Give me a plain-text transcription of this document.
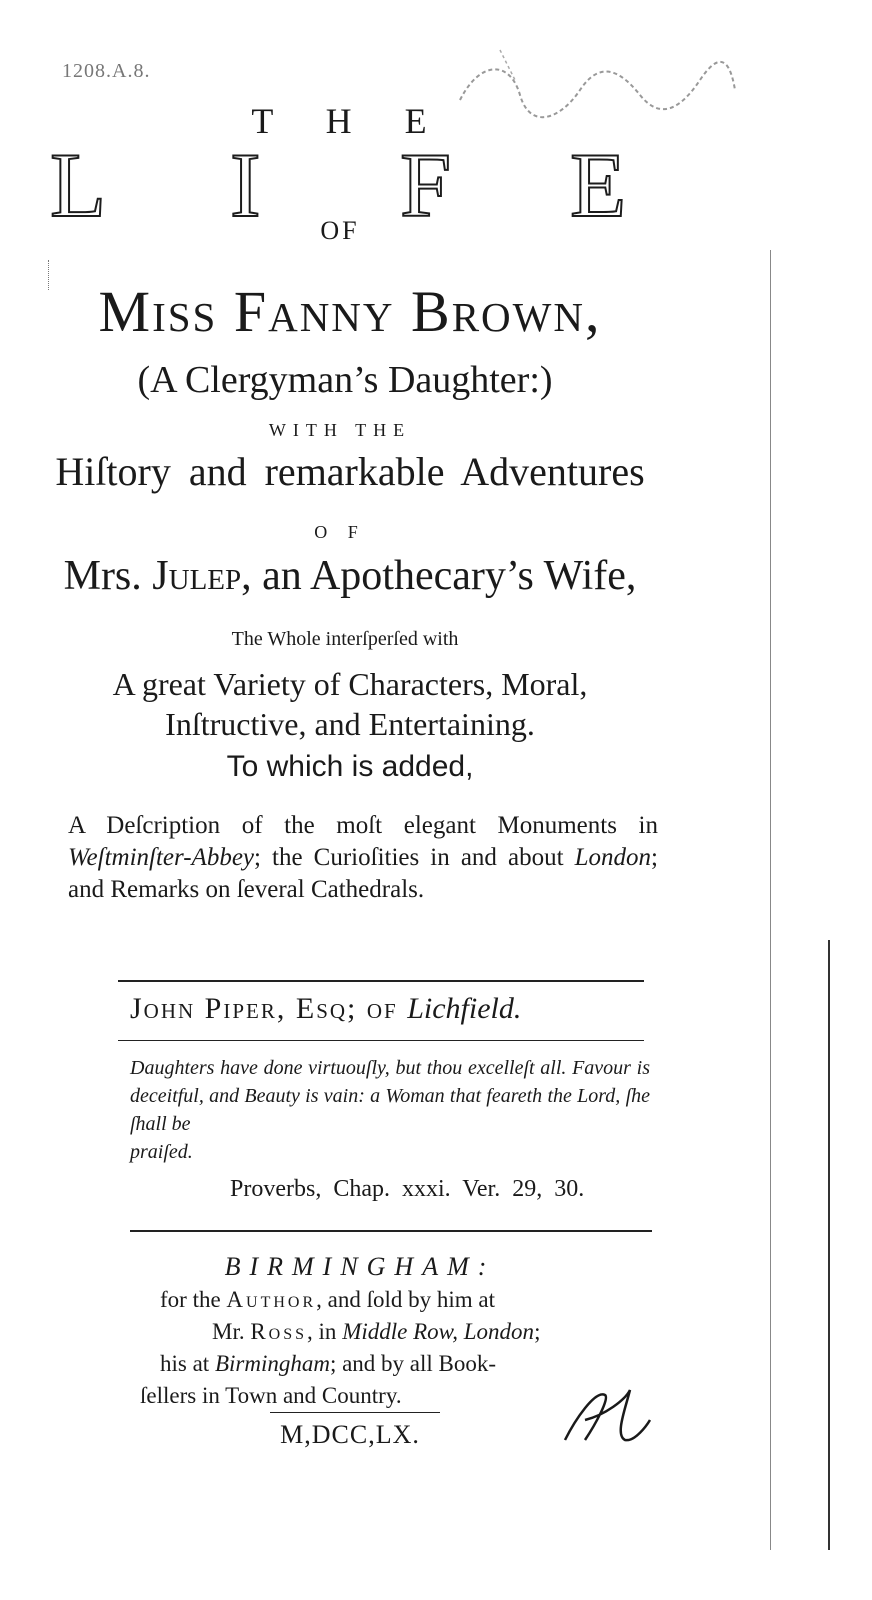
1208.A.8.
T H E
L I F E
OF
Miſs Fanny Brown,
(A Clergyman’s Daughter:)
WITH THE
Hiſtory and remarkable Adventures
O F
Mrs. Julep, an Apothecary’s Wife,
The Whole interſperſed with
A great Variety of Characters, Moral,
Inſtructive, and Entertaining.
To which is added,
A Deſcription of the moſt elegant Monuments in Weſtminſter-Abbey; the Curioſities in and about London; and Remarks on ſeveral Cathedrals.
John Piper, Eſq; of Lichfield.
Daughters have done virtuouſly, but thou excelleſt all. Favour is deceitful, and Beauty is vain: a Woman that feareth the Lord, ſhe ſhall be
praiſed.
Proverbs, Chap. xxxi. Ver. 29, 30.
BIRMINGHAM:
for the Author, and ſold by him at
Mr. Ross, in Middle Row, London;
his at Birmingham; and by all Book-
ſellers in Town and Country.
M,DCC,LX.
